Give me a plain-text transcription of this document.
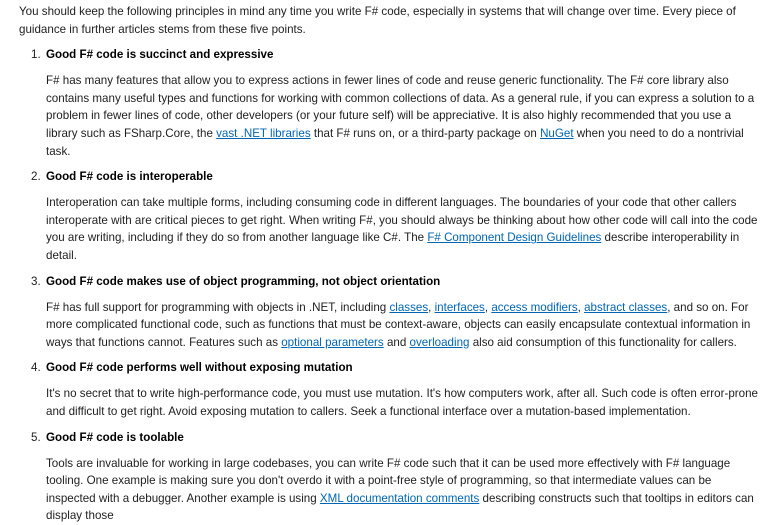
You should keep the following principles in mind any time you write F# code, especially in systems that will change over time. Every piece of guidance in further articles stems from these five points.

1. Good F# code is succinct and expressive

F# has many features that allow you to express actions in fewer lines of code and reuse generic functionality. The F# core library also contains many useful types and functions for working with common collections of data. As a general rule, if you can express a solution to a problem in fewer lines of code, other developers (or your future self) will be appreciative. It is also highly recommended that you use a library such as FSharp.Core, the vast .NET libraries that F# runs on, or a third-party package on NuGet when you need to do a nontrivial task.

2. Good F# code is interoperable

Interoperation can take multiple forms, including consuming code in different languages. The boundaries of your code that other callers interoperate with are critical pieces to get right. When writing F#, you should always be thinking about how other code will call into the code you are writing, including if they do so from another language like C#. The F# Component Design Guidelines describe interoperability in detail.

3. Good F# code makes use of object programming, not object orientation

F# has full support for programming with objects in .NET, including classes, interfaces, access modifiers, abstract classes, and so on. For more complicated functional code, such as functions that must be context-aware, objects can easily encapsulate contextual information in ways that functions cannot. Features such as optional parameters and overloading also aid consumption of this functionality for callers.

4. Good F# code performs well without exposing mutation

It's no secret that to write high-performance code, you must use mutation. It's how computers work, after all. Such code is often error-prone and difficult to get right. Avoid exposing mutation to callers. Seek a functional interface over a mutation-based implementation.

5. Good F# code is toolable

Tools are invaluable for working in large codebases, you can write F# code such that it can be used more effectively with F# language tooling. One example is making sure you don't overdo it with a point-free style of programming, so that intermediate values can be inspected with a debugger. Another example is using XML documentation comments describing constructs such that tooltips in editors can display those
